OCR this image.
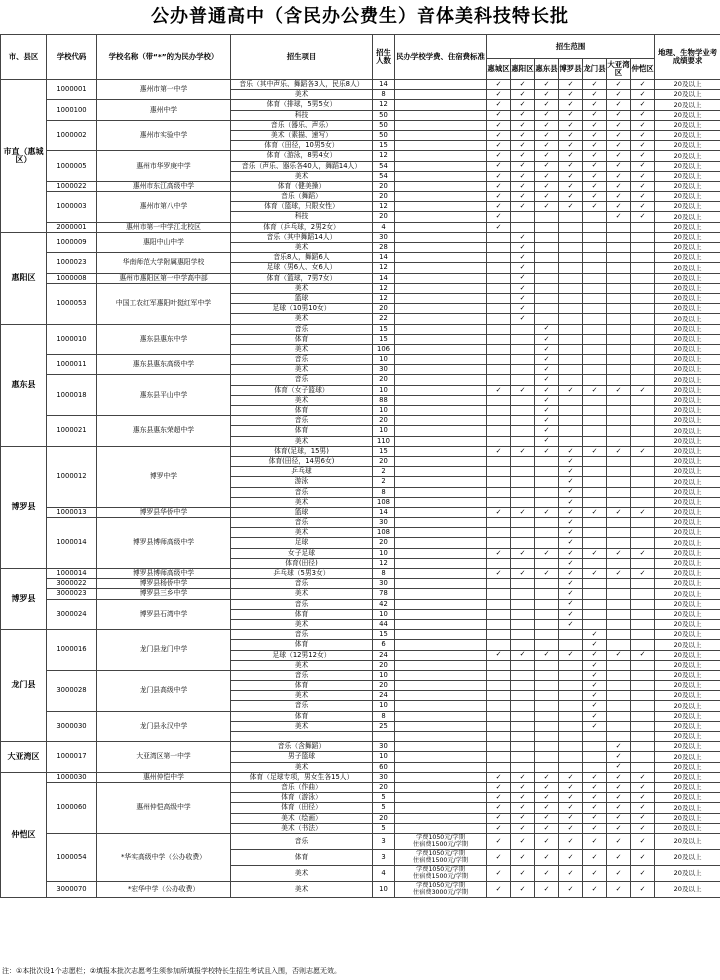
公办普通高中（含民办公费生）音体美科技特长批
市、县区	学校代码	学校名称（带“*”的为民办学校）	招生项目	招生人数	民办学校学费、住宿费标准	招生范围							地理、生物学业考成绩要求
						惠城区	惠阳区	惠东县	博罗县	龙门县	大亚湾区	仲恺区	
市直（惠城区）	1000001	惠州市第一中学	音乐（其中声乐、舞蹈各3人，民乐8人）	14		✓	✓	✓	✓	✓	✓	✓	20及以上
			美术	8		✓	✓	✓	✓	✓	✓	✓	20及以上
	1000100	惠州中学	体育（排球，5男5女）	12		✓	✓	✓	✓	✓	✓	✓	20及以上
			科技	50		✓	✓	✓	✓	✓	✓	✓	20及以上
	1000002	惠州市实验中学	音乐（器乐、声乐）	50		✓	✓	✓	✓	✓	✓	✓	20及以上
			美术（素描、速写）	50		✓	✓	✓	✓	✓	✓	✓	20及以上
			体育（田径，10男5女）	15		✓	✓	✓	✓	✓	✓	✓	20及以上
	1000005	惠州市华罗庚中学	体育（游泳，8男4女）	12		✓	✓	✓	✓	✓	✓	✓	20及以上
			音乐（声乐、器乐各40人，舞蹈14人）	54		✓	✓	✓	✓	✓	✓	✓	20及以上
			美术	54		✓	✓	✓	✓	✓	✓	✓	20及以上
	1000022	惠州市东江高级中学	体育（健美操）	20		✓	✓	✓	✓	✓	✓	✓	20及以上
	1000003	惠州市第八中学	音乐（舞蹈）	20		✓	✓	✓	✓	✓	✓	✓	20及以上
			体育（篮球，只限女性）	12		✓	✓	✓	✓	✓	✓	✓	20及以上
			科技	20		✓					✓	✓	20及以上
	2000001	惠州市第一中学江北校区	体育（乒乓球，2男2女）	4		✓							20及以上
惠阳区	1000009	惠阳中山中学	音乐（其中舞蹈14人）	30			✓						20及以上
			美术	28			✓						20及以上
	1000023	华南师范大学附属惠阳学校	音乐8人，舞蹈6人	14			✓						20及以上
			足球（男6人、女6人）	12			✓						20及以上
	1000008	惠州市惠阳区第一中学高中部	体育（篮球，7男7女）	14			✓						20及以上
	1000053	中国工农红军惠阳叶挺红军中学	美术	12			✓						20及以上
			篮球	12			✓						20及以上
			足球（10男10女）	20			✓						20及以上
			美术	22			✓						20及以上
惠东县	1000010	惠东县惠东中学	音乐	15				✓					20及以上
			体育	15				✓					20及以上
			美术	106				✓					20及以上
	1000011	惠东县惠东高级中学	音乐	10				✓					20及以上
			美术	30				✓					20及以上
	1000018	惠东县平山中学	音乐	20				✓					20及以上
			体育（女子篮球）	10		✓	✓	✓	✓	✓	✓	✓	20及以上
			美术	88				✓					20及以上
			体育	10				✓					20及以上
	1000021	惠东县惠东荣超中学	音乐	20				✓					20及以上
			体育	10				✓					20及以上
			美术	110				✓					20及以上
博罗县	1000012	博罗中学	体育(足球，15男)	15		✓	✓	✓	✓	✓	✓	✓	20及以上
			体育(田径，14男6女)	20					✓				20及以上
			乒乓球	2					✓				20及以上
			游泳	2					✓				20及以上
			音乐	8					✓				20及以上
			美术	108					✓				20及以上
	1000013	博罗县华侨中学	篮球	14		✓	✓	✓	✓	✓	✓	✓	20及以上
	1000014	博罗县博师高级中学	音乐	30					✓				20及以上
			美术	108					✓				20及以上
			足球	20					✓				20及以上
			女子足球	10		✓	✓	✓	✓	✓	✓	✓	20及以上
			体育(田径)	12					✓				20及以上
博罗县	1000014	博罗县博师高级中学	乒乓球（5男3女）	8		✓	✓	✓	✓	✓	✓	✓	20及以上
	3000022	博罗县杨侨中学	音乐	30					✓				20及以上
	3000023	博罗县三乡中学	美术	78					✓				20及以上
	3000024	博罗县石湾中学	音乐	42					✓				20及以上
			体育	10					✓				20及以上
			美术	44					✓				20及以上
龙门县	1000016	龙门县龙门中学	音乐	15						✓			20及以上
			体育	6						✓			20及以上
			足球（12男12女）	24		✓	✓	✓	✓	✓	✓	✓	20及以上
			美术	20						✓			20及以上
	3000028	龙门县高级中学	音乐	10						✓			20及以上
			体育	20						✓			20及以上
			美术	24						✓			20及以上
			音乐	10						✓			20及以上
	3000030	龙门县永汉中学	体育	8						✓			20及以上
			美术	25						✓			20及以上
													20及以上
大亚湾区	1000017	大亚湾区第一中学	音乐（含舞蹈）	30							✓		20及以上
			男子篮球	10							✓		20及以上
			美术	60							✓		20及以上
仲恺区	1000030	惠州仲恺中学	体育（足球专项，男女生各15人）	30		✓	✓	✓	✓	✓	✓	✓	20及以上
	1000060	惠州仲恺高级中学	音乐（作曲）	20		✓	✓	✓	✓	✓	✓	✓	20及以上
			体育（游泳）	5		✓	✓	✓	✓	✓	✓	✓	20及以上
			体育（田径）	5		✓	✓	✓	✓	✓	✓	✓	20及以上
			美术（绘画）	20		✓	✓	✓	✓	✓	✓	✓	20及以上
			美术（书法）	5		✓	✓	✓	✓	✓	✓	✓	20及以上
	1000054	*华实高级中学（公办收费）	音乐	3	学费1050元/学期
住宿费1500元/学期	✓	✓	✓	✓	✓	✓	✓	20及以上
			体育	3	学费1050元/学期
住宿费1500元/学期	✓	✓	✓	✓	✓	✓	✓	20及以上
			美术	4	学费1050元/学期
住宿费1500元/学期	✓	✓	✓	✓	✓	✓	✓	20及以上
	3000070	*宏华中学（公办收费）	美术	10	学费1050元/学期
住宿费3000元/学期	✓	✓	✓	✓	✓	✓	✓	20及以上
注：①本批次设1个志愿栏；②填报本批次志愿考生须参加所填报学校特长生招生考试且入围，否则志愿无效。
